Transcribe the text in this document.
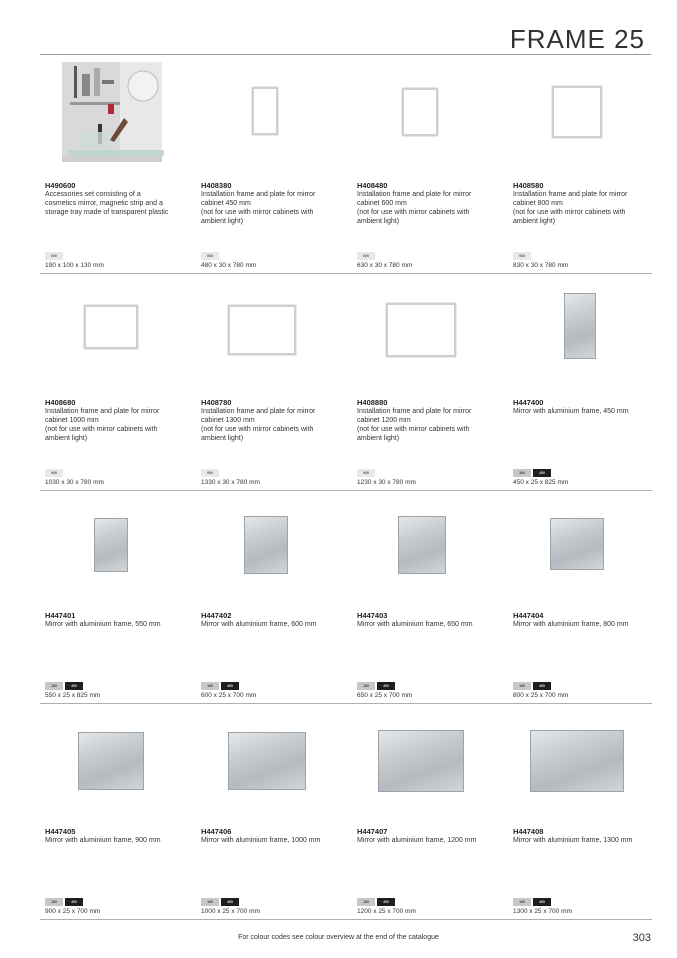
FRAME 25
H490600
Accessories set consisting of a
cosmetics mirror, magnetic strip and a
storage tray made of transparent plastic
000
190 x 100 x 130 mm
H408380
Installation frame and plate for mirror
cabinet 450 mm
(not for use with mirror cabinets with
ambient light)
000
480 x 30 x 780 mm
H408480
Installation frame and plate for mirror
cabinet 600 mm
(not for use with mirror cabinets with
ambient light)
000
630 x 30 x 780 mm
H408580
Installation frame and plate for mirror
cabinet 800 mm
(not for use with mirror cabinets with
ambient light)
000
830 x 30 x 780 mm
H408680
Installation frame and plate for mirror
cabinet 1000 mm
(not for use with mirror cabinets with
ambient light)
000
1030 x 30 x 780 mm
H408780
Installation frame and plate for mirror
cabinet 1300 mm
(not for use with mirror cabinets with
ambient light)
000
1330 x 30 x 780 mm
H408880
Installation frame and plate for mirror
cabinet 1200 mm
(not for use with mirror cabinets with
ambient light)
000
1230 x 30 x 780 mm
H447400
Mirror with aluminium frame, 450 mm
160	450
450 x 25 x 825 mm
H447401
Mirror with aluminium frame, 550 mm
160	450
550 x 25 x 825 mm
H447402
Mirror with aluminium frame, 600 mm
160	450
600 x 25 x 700 mm
H447403
Mirror with aluminium frame, 650 mm
160	450
650 x 25 x 700 mm
H447404
Mirror with aluminium frame, 800 mm
160	450
800 x 25 x 700 mm
H447405
Mirror with aluminium frame, 900 mm
160	450
900 x 25 x 700 mm
H447406
Mirror with aluminium frame, 1000 mm
160	450
1000 x 25 x 700 mm
H447407
Mirror with aluminium frame, 1200 mm
160	450
1200 x 25 x 700 mm
H447408
Mirror with aluminium frame, 1300 mm
160	450
1300 x 25 x 700 mm
For colour codes see colour overview at the end of the catalogue	303
